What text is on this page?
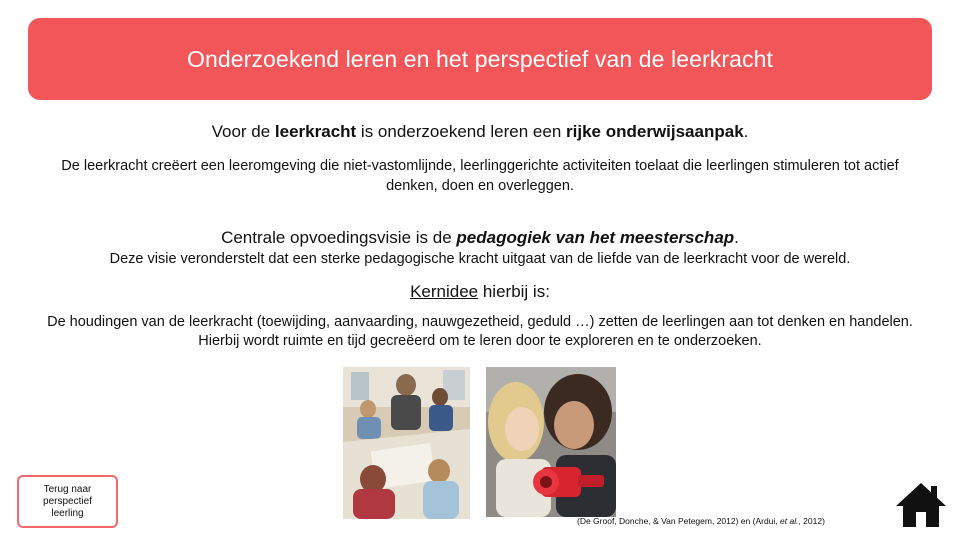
Onderzoekend leren en het perspectief van de leerkracht
Voor de leerkracht is onderzoekend leren een rijke onderwijsaanpak.
De leerkracht creëert een leeromgeving die niet-vastomlijnde, leerlinggerichte activiteiten toelaat die leerlingen stimuleren tot actief denken, doen en overleggen.
Centrale opvoedingsvisie is de pedagogiek van het meesterschap.
Deze visie veronderstelt dat een sterke pedagogische kracht uitgaat van de liefde van de leerkracht voor de wereld.
Kernidee hierbij is:
De houdingen van de leerkracht (toewijding, aanvaarding, nauwgezetheid, geduld …) zetten de leerlingen aan tot denken en handelen. Hierbij wordt ruimte en tijd gecreëerd om te leren door te exploreren en te onderzoeken.
Terug naar
perspectief
leerling
(De Groof, Donche, & Van Petegem, 2012) en (Ardui, et al., 2012)
